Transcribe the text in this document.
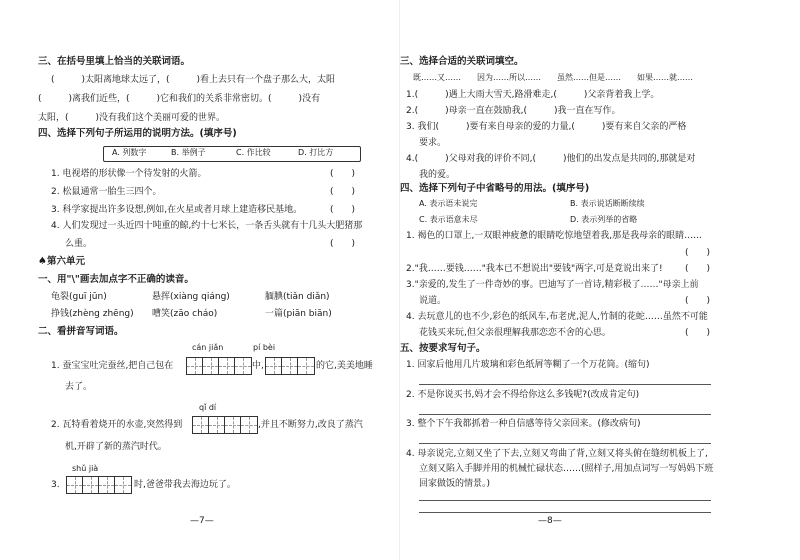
三、在括号里填上恰当的关联词语。
(　　　)太阳离地球太远了，(　　　)看上去只有一个盘子那么大，太阳
(　　　)离我们近些，(　　　)它和我们的关系非常密切。(　　　)没有
太阳，(　　　)没有我们这个美丽可爱的世界。
四、选择下列句子所运用的说明方法。(填序号)
A. 列数字	B. 举例子	C. 作比较	D. 打比方
1. 电视塔的形状像一个待发射的火箭。	(　　)
2. 松鼠通常一胎生三四个。	(　　)
3. 科学家提出许多设想,例如,在火星或者月球上建造移民基地。	(　　)
4. 人们发现过一头近四十吨重的鲸,约十七米长，一条舌头就有十几头大肥猪那
么重。	(　　)
♠第六单元
一、用"\"画去加点字不正确的读音。
龟裂(guī jūn)	悬挥(xiàng qiáng)	腼腆(tiǎn diǎn)
挣钱(zhèng zhēng) 嘈笑(zāo cháo)	一篇(piān biān)
二、看拼音写词语。
cán jiǎn	pí bèi
1. 蚕宝宝吐完蚕丝,把自己包在	中,	的它,美美地睡
去了。
qǐ dí
2. 瓦特看着烧开的水壶,突然得到	,并且不断努力,改良了蒸汽
机,开辟了新的蒸汽时代。
shǔ jià
3.	时,爸爸带我去海边玩了。
—7—
三、选择合适的关联词填空。
既……又……　　因为……所以……　　虽然……但是……　　如果……就……
1.(　　　)遇上大雨大雪天,路滑难走,(　　　)父亲背着我上学。
2.(　　　)母亲一直在鼓励我,(　　　)我一直在写作。
3. 我们(　　　)要有来自母亲的爱的力量,(　　　)要有来自父亲的严格
要求。
4.(　　　)父母对我的评价不同,(　　　)他们的出发点是共同的,那就是对
我的爱。
四、选择下列句子中省略号的用法。(填序号)
A. 表示语未说完	B. 表示说话断断续续
C. 表示语意未尽	D. 表示列举的省略
1. 褐色的口罩上,一双眼神疲惫的眼睛吃惊地望着我,那是我母亲的眼睛……
(　　)
2."我……要钱……"我本已不想说出"要钱"两字,可是竟说出来了! (　　)
3."亲爱的,发生了一件奇妙的事。巴迪写了一首诗,精彩极了……"母亲上前
说道。	(　　)
4. 去玩意儿的也不少,彩色的纸风车,布老虎,泥人,竹制的花蛇……虽然不可能
花钱买来玩,但父亲很理解我那恋恋不舍的心思。	(　　)
五、按要求写句子。
1. 回家后他用几片玻璃和彩色纸屑等糊了一个万花筒。(缩句)
2. 不是你说买书,妈才会不得给你这么多钱呢?(改成肯定句)
3. 整个下午我都抓着一种自信感等待父亲回来。(修改病句)
4. 母亲说完,立刻又坐了下去,立刻又弯曲了背,立刻又将头俯在缝纫机板上了,
立刻又陷入手脚并用的机械忙碌状态……(照样子,用加点词写一写妈妈下班
回家做饭的情景。)
—8—
